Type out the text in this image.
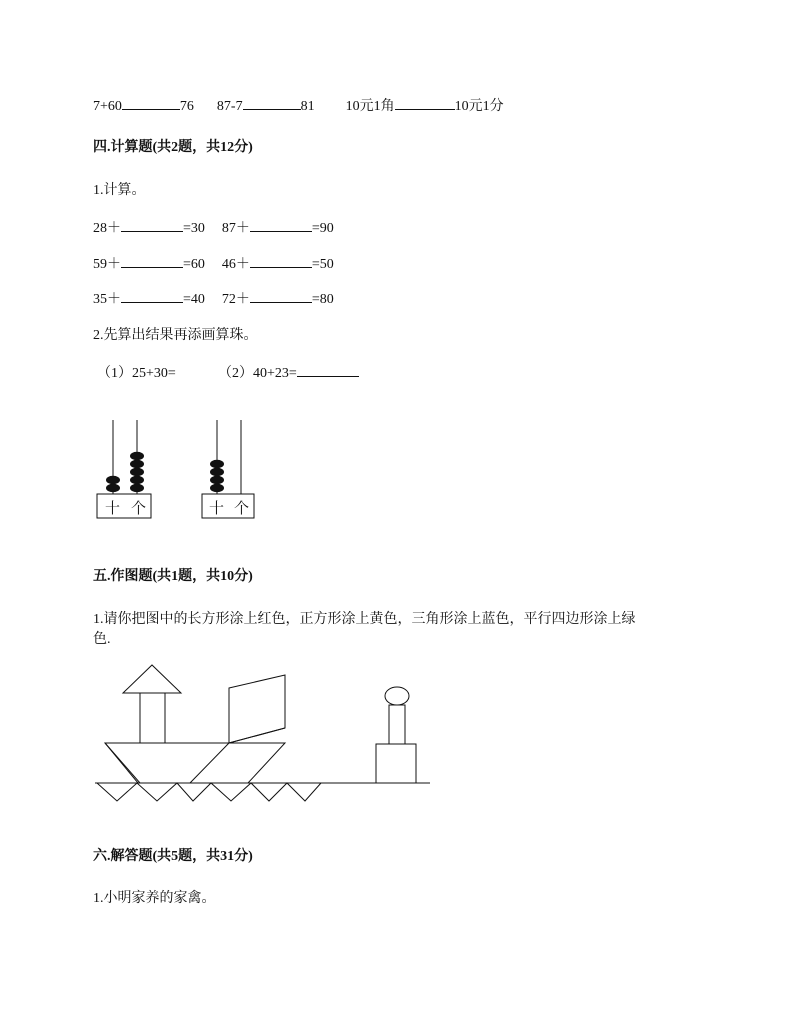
7+60	76 87-7	81 10元1角	10元1分
四.计算题(共2题，共12分)
1.计算。
28＋	=30 87＋	=90
59＋	=60 46＋	=50
35＋	=40 72＋	=80
2.先算出结果再添画算珠。
（1）25+30=	（2）40+23=
十 个	十 个
五.作图题(共1题，共10分)
1.请你把图中的长方形涂上红色，正方形涂上黄色，三角形涂上蓝色，平行四边形涂上绿
色.
六.解答题(共5题，共31分)
1.小明家养的家禽。
